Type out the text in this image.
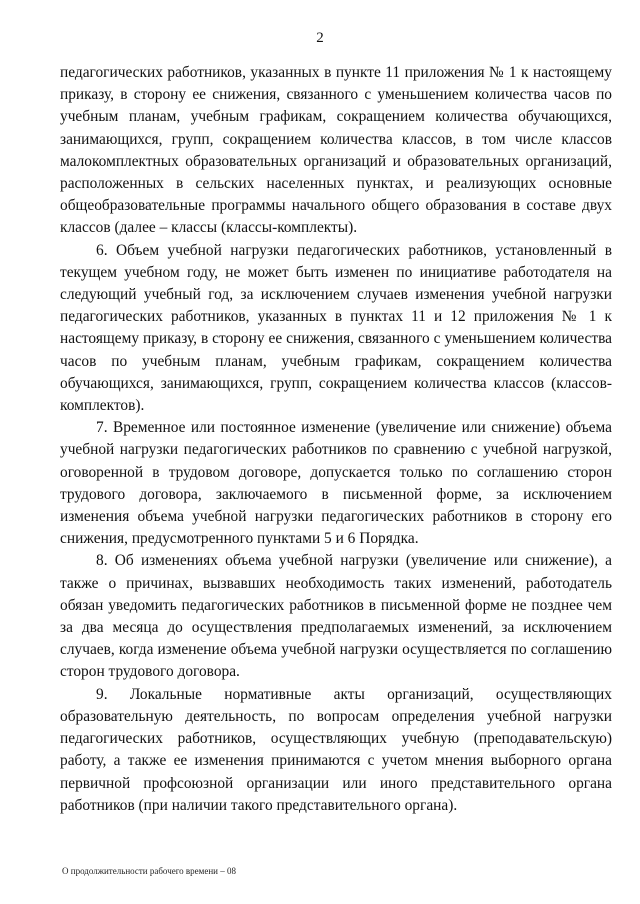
2

педагогических работников, указанных в пункте 11 приложения № 1 к настоящему приказу, в сторону ее снижения, связанного с уменьшением количества часов по учебным планам, учебным графикам, сокращением количества обучающихся, занимающихся, групп, сокращением количества классов, в том числе классов малокомплектных образовательных организаций и образовательных организаций, расположенных в сельских населенных пунктах, и реализующих основные общеобразовательные программы начального общего образования в составе двух классов (далее – классы (классы-комплекты).

6. Объем учебной нагрузки педагогических работников, установленный в текущем учебном году, не может быть изменен по инициативе работодателя на следующий учебный год, за исключением случаев изменения учебной нагрузки педагогических работников, указанных в пунктах 11 и 12 приложения № 1 к настоящему приказу, в сторону ее снижения, связанного с уменьшением количества часов по учебным планам, учебным графикам, сокращением количества обучающихся, занимающихся, групп, сокращением количества классов (классов-комплектов).

7. Временное или постоянное изменение (увеличение или снижение) объема учебной нагрузки педагогических работников по сравнению с учебной нагрузкой, оговоренной в трудовом договоре, допускается только по соглашению сторон трудового договора, заключаемого в письменной форме, за исключением изменения объема учебной нагрузки педагогических работников в сторону его снижения, предусмотренного пунктами 5 и 6 Порядка.

8. Об изменениях объема учебной нагрузки (увеличение или снижение), а также о причинах, вызвавших необходимость таких изменений, работодатель обязан уведомить педагогических работников в письменной форме не позднее чем за два месяца до осуществления предполагаемых изменений, за исключением случаев, когда изменение объема учебной нагрузки осуществляется по соглашению сторон трудового договора.

9. Локальные нормативные акты организаций, осуществляющих образовательную деятельность, по вопросам определения учебной нагрузки педагогических работников, осуществляющих учебную (преподавательскую) работу, а также ее изменения принимаются с учетом мнения выборного органа первичной профсоюзной организации или иного представительного органа работников (при наличии такого представительного органа).

О продолжительности рабочего времени – 08
